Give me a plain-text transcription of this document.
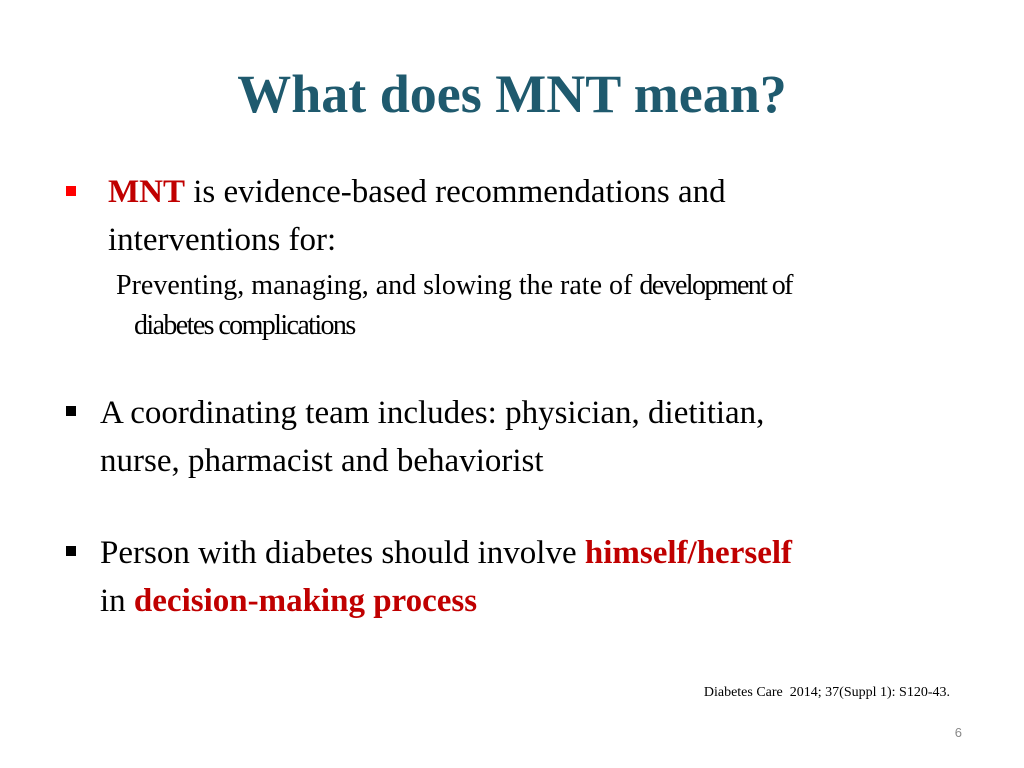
What does MNT mean?
MNT is evidence-based recommendations and
interventions for:
Preventing, managing, and slowing the rate of development of
diabetes complications
A coordinating team includes: physician, dietitian,
nurse, pharmacist and behaviorist
Person with diabetes should involve himself/herself
in decision-making process
Diabetes Care  2014; 37(Suppl 1): S120-43.
6
